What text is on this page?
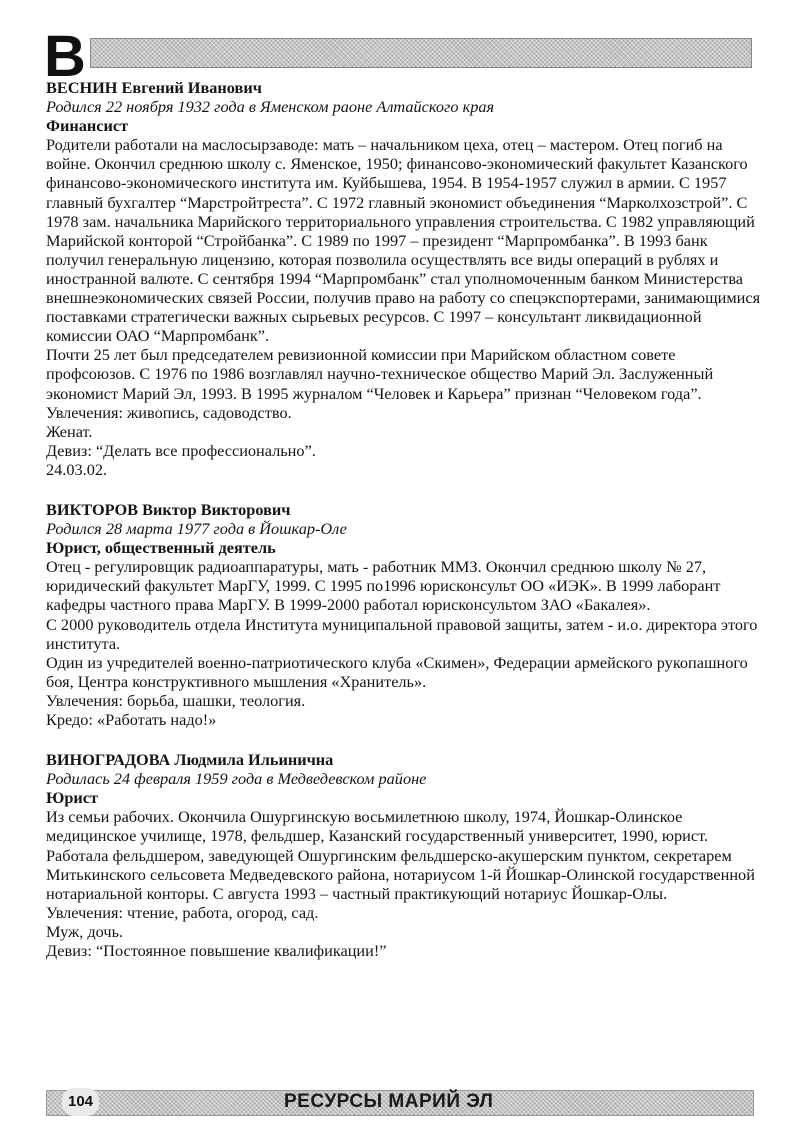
В
ВЕСНИН Евгений Иванович
Родился 22 ноября 1932 года в Яменском раоне Алтайского края
Финансист

Родители работали на маслосырзаводе: мать – начальником цеха, отец – мастером. Отец погиб на войне. Окончил среднюю школу с. Яменское, 1950; финансово-экономический факультет Казанского финансово-экономического института им. Куйбышева, 1954. В 1954-1957 служил в армии. С 1957 главный бухгалтер “Марстройтреста”. С 1972 главный экономист объединения “Марколхозстрой”. С 1978 зам. начальника Марийского территориального управления строительства. С 1982 управляющий Марийской конторой “Стройбанка”. С 1989 по 1997 – президент “Марпромбанка”. В 1993 банк получил генеральную лицензию, которая позволила осуществлять все виды операций в рублях и иностранной валюте. С сентября 1994 “Марпромбанк” стал уполномоченным банком Министерства внешнеэкономических связей России, получив право на работу со спецэкспортерами, занимающимися поставками стратегически важных сырьевых ресурсов. С 1997 – консультант ликвидационной комиссии ОАО “Марпромбанк”.

Почти 25 лет был председателем ревизионной комиссии при Марийском областном совете профсоюзов. С 1976 по 1986 возглавлял научно-техническое общество Марий Эл. Заслуженный экономист Марий Эл, 1993. В 1995 журналом “Человек и Карьера” признан “Человеком года”.

Увлечения: живопись, садоводство.

Женат.

Девиз: “Делать все профессионально”.

24.03.02.

ВИКТОРОВ Виктор Викторович
Родился 28 марта 1977 года в Йошкар-Оле
Юрист, общественный деятель

Отец - регулировщик радиоаппаратуры, мать - работник ММЗ. Окончил среднюю школу № 27, юридический факультет МарГУ, 1999. С 1995 по1996 юрисконсульт ОО «ИЭК». В 1999 лаборант кафедры частного права МарГУ. В 1999-2000 работал юрисконсультом ЗАО «Бакалея».

С 2000 руководитель отдела Института муниципальной правовой защиты, затем - и.о. директора этого института.

Один из учредителей военно-патриотического клуба «Скимен», Федерации армейского рукопашного боя, Центра конструктивного мышления «Хранитель».

Увлечения: борьба, шашки, теология.

Кредо: «Работать надо!»

ВИНОГРАДОВА Людмила Ильинична
Родилась 24 февраля 1959 года в Медведевском районе
Юрист

Из семьи рабочих. Окончила Ошургинскую восьмилетнюю школу, 1974, Йошкар-Олинское медицинское училище, 1978, фельдшер, Казанский государственный университет, 1990, юрист. Работала фельдшером, заведующей Ошургинским фельдшерско-акушерским пунктом, секретарем Митькинского сельсовета Медведевского района, нотариусом 1-й Йошкар-Олинской государственной нотариальной конторы. С августа 1993 – частный практикующий нотариус Йошкар-Олы.

Увлечения: чтение, работа, огород, сад.

Муж, дочь.

Девиз: “Постоянное повышение квалификации!”

104	РЕСУРСЫ МАРИЙ ЭЛ
